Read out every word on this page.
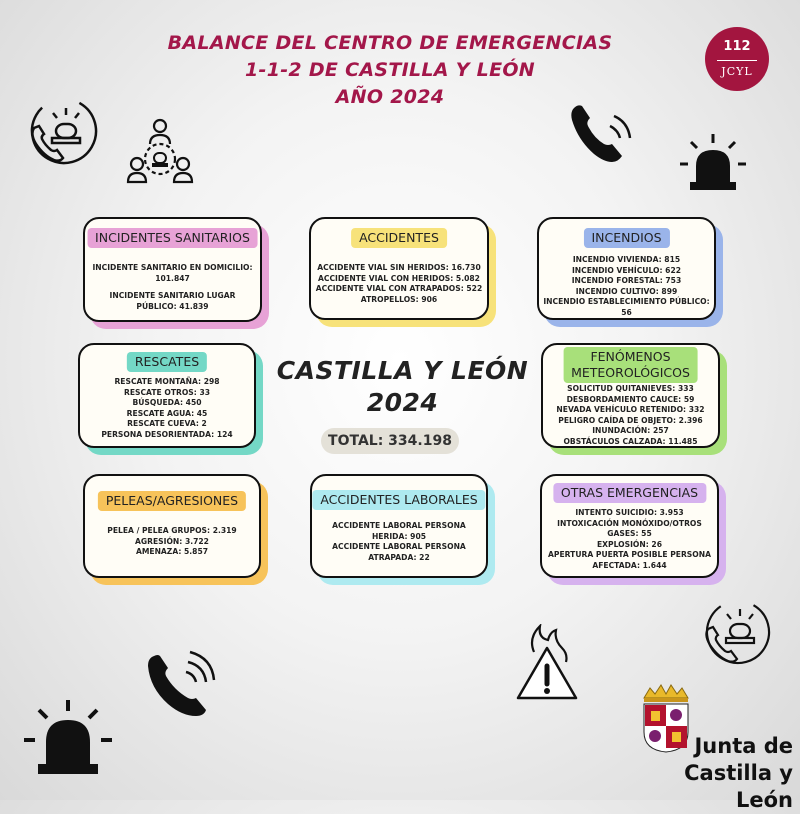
BALANCE DEL CENTRO DE EMERGENCIAS
1-1-2 DE CASTILLA Y LEÓN
AÑO 2024
112
JCYL
INCIDENTES SANITARIOS

INCIDENTE SANITARIO EN DOMICILIO:

101.847

INCIDENTE SANITARIO LUGAR

PÚBLICO: 41.839

ACCIDENTES

ACCIDENTE VIAL SIN HERIDOS: 16.730

ACCIDENTE VIAL CON HERIDOS: 5.082

ACCIDENTE VIAL CON ATRAPADOS: 522

ATROPELLOS: 906

INCENDIOS

INCENDIO VIVIENDA: 815

INCENDIO VEHÍCULO: 622

INCENDIO FORESTAL: 753

INCENDIO CULTIVO: 899

INCENDIO ESTABLECIMIENTO PÚBLICO: 56

RESCATES

RESCATE MONTAÑA: 298

RESCATE OTROS: 33

BÚSQUEDA: 450

RESCATE AGUA: 45

RESCATE CUEVA: 2

PERSONA DESORIENTADA: 124

FENÓMENOS
METEOROLÓGICOS

SOLICITUD QUITANIEVES: 333

DESBORDAMIENTO CAUCE: 59

NEVADA VEHÍCULO RETENIDO: 332

PELIGRO CAÍDA DE OBJETO: 2.396

INUNDACIÓN: 257

OBSTÁCULOS CALZADA: 11.485

PELEAS/AGRESIONES

PELEA / PELEA GRUPOS: 2.319

AGRESIÓN: 3.722

AMENAZA: 5.857

ACCIDENTES LABORALES

ACCIDENTE LABORAL PERSONA

HERIDA: 905

ACCIDENTE LABORAL PERSONA

ATRAPADA: 22

OTRAS EMERGENCIAS

INTENTO SUICIDIO: 3.953

INTOXICACIÓN MONÓXIDO/OTROS

GASES: 55

EXPLOSIÓN: 26

APERTURA PUERTA POSIBLE PERSONA

AFECTADA: 1.644

CASTILLA Y LEÓN
2024
TOTAL: 334.198
Junta de
Castilla y León
